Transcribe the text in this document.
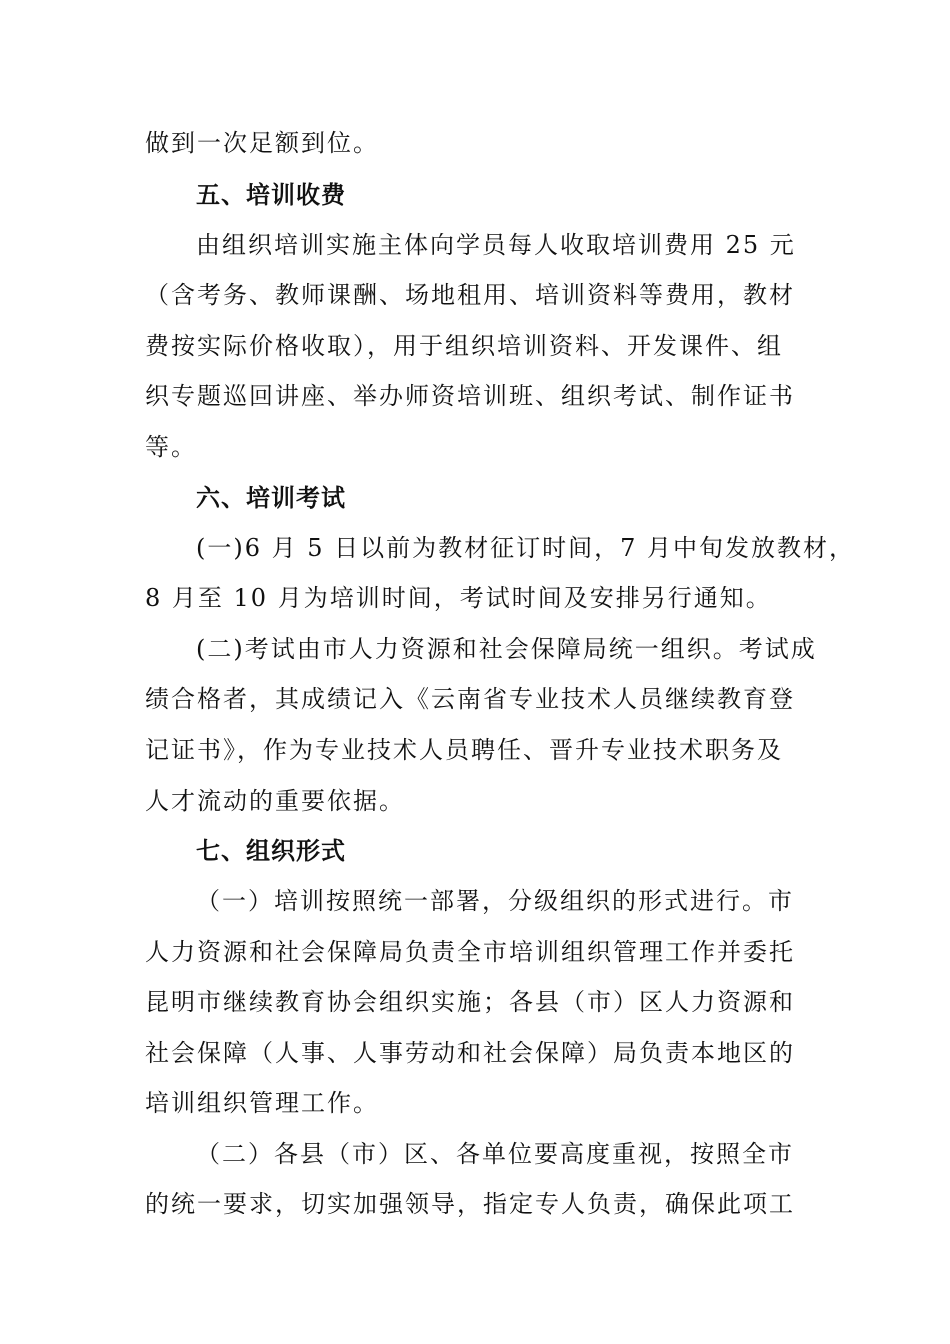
做到一次足额到位。
五、培训收费
由组织培训实施主体向学员每人收取培训费用 25 元
（含考务、教师课酬、场地租用、培训资料等费用，教材
费按实际价格收取），用于组织培训资料、开发课件、组
织专题巡回讲座、举办师资培训班、组织考试、制作证书
等。
六、培训考试
(一)6 月 5 日以前为教材征订时间，7 月中旬发放教材，
8 月至 10 月为培训时间，考试时间及安排另行通知。
(二)考试由市人力资源和社会保障局统一组织。考试成
绩合格者，其成绩记入《云南省专业技术人员继续教育登
记证书》，作为专业技术人员聘任、晋升专业技术职务及
人才流动的重要依据。
七、组织形式
（一）培训按照统一部署，分级组织的形式进行。市
人力资源和社会保障局负责全市培训组织管理工作并委托
昆明市继续教育协会组织实施；各县（市）区人力资源和
社会保障（人事、人事劳动和社会保障）局负责本地区的
培训组织管理工作。
（二）各县（市）区、各单位要高度重视，按照全市
的统一要求，切实加强领导，指定专人负责，确保此项工
